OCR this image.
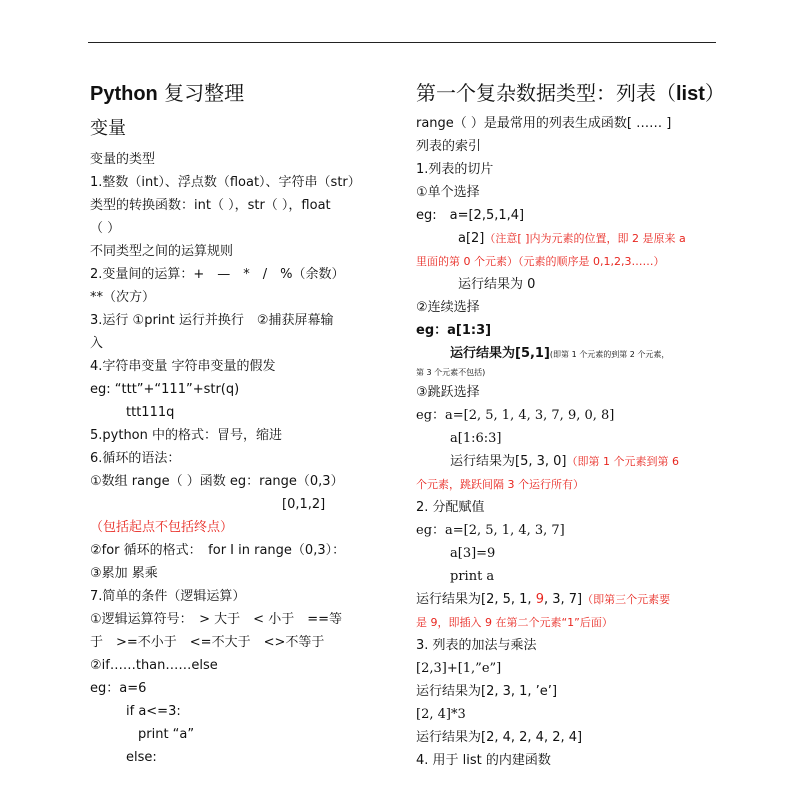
Python 复习整理
变量
变量的类型
1.整数（int）、浮点数（float）、字符串（str）
类型的转换函数：int（ ），str（ ），float
（ ）
不同类型之间的运算规则
2.变量间的运算：+　—　*　/　%（余数）
**（次方）
3.运行 ①print 运行并换行　②捕获屏幕输
入
4.字符串变量 字符串变量的假发
eg: “ttt”+“111”+str(q)
ttt111q
5.python 中的格式：冒号，缩进
6.循环的语法：
①数组 range（ ）函数 eg：range（0,3）
[0,1,2]
（包括起点不包括终点）
②for 循环的格式：　for I in range（0,3）：
③累加 累乘
7.简单的条件（逻辑运算）
①逻辑运算符号：　> 大于　< 小于　==等
于　>=不小于　<=不大于　<>不等于
②if……than……else
eg：a=6
if a<=3:
print “a”
else:
第一个复杂数据类型：列表（list）
range（ ）是最常用的列表生成函数[ …… ]
列表的索引
1.列表的切片
①单个选择
eg:　a=[2,5,1,4]
a[2]（注意[ ]内为元素的位置，即 2 是原来 a
里面的第 0 个元素）（元素的顺序是 0,1,2,3……）
运行结果为 0
②连续选择
eg：a[1:3]
运行结果为[5,1](即第 1 个元素的到第 2 个元素，
第 3 个元素不包括)
③跳跃选择
eg：a=[2, 5, 1, 4, 3, 7, 9, 0, 8]
a[1:6:3]
运行结果为[5, 3, 0]（即第 1 个元素到第 6
个元素，跳跃间隔 3 个运行所有）
2. 分配赋值
eg：a=[2, 5, 1, 4, 3, 7]
a[3]=9
print a
运行结果为[2, 5, 1, 9, 3, 7]（即第三个元素要
是 9，即插入 9 在第二个元素“1”后面）
3. 列表的加法与乘法
[2,3]+[1,”e”]
运行结果为[2, 3, 1, ’e’]
[2, 4]*3
运行结果为[2, 4, 2, 4, 2, 4]
4. 用于 list 的内建函数
